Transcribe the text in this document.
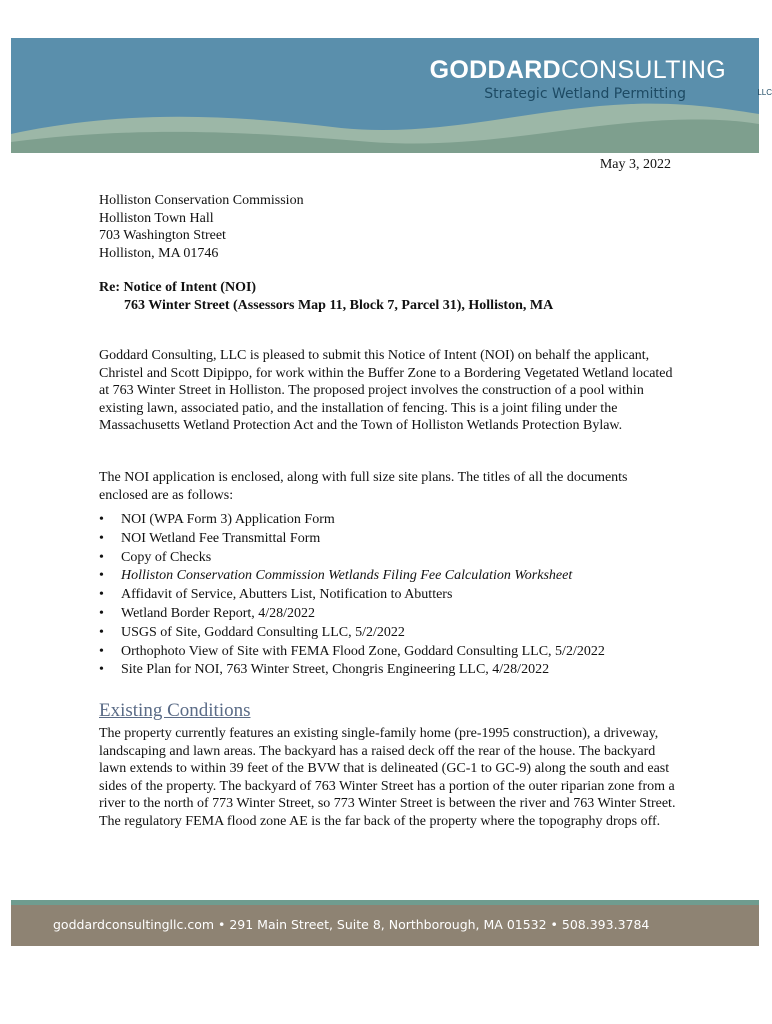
GODDARDCONSULTING
LLC
Strategic Wetland Permitting
May 3, 2022
Holliston Conservation Commission
Holliston Town Hall
703 Washington Street
Holliston, MA 01746
Re: Notice of Intent (NOI)
763 Winter Street (Assessors Map 11, Block 7, Parcel 31), Holliston, MA
Goddard Consulting, LLC is pleased to submit this Notice of Intent (NOI) on behalf the applicant, Christel and Scott Dipippo, for work within the Buffer Zone to a Bordering Vegetated Wetland located at 763 Winter Street in Holliston. The proposed project involves the construction of a pool within existing lawn, associated patio, and the installation of fencing. This is a joint filing under the Massachusetts Wetland Protection Act and the Town of Holliston Wetlands Protection Bylaw.
The NOI application is enclosed, along with full size site plans. The titles of all the documents enclosed are as follows:
• NOI (WPA Form 3) Application Form
• NOI Wetland Fee Transmittal Form
• Copy of Checks
• Holliston Conservation Commission Wetlands Filing Fee Calculation Worksheet
• Affidavit of Service, Abutters List, Notification to Abutters
• Wetland Border Report, 4/28/2022
• USGS of Site, Goddard Consulting LLC, 5/2/2022
• Orthophoto View of Site with FEMA Flood Zone, Goddard Consulting LLC, 5/2/2022
• Site Plan for NOI, 763 Winter Street, Chongris Engineering LLC, 4/28/2022
Existing Conditions
The property currently features an existing single-family home (pre-1995 construction), a driveway, landscaping and lawn areas. The backyard has a raised deck off the rear of the house. The backyard lawn extends to within 39 feet of the BVW that is delineated (GC-1 to GC-9) along the south and east sides of the property. The backyard of 763 Winter Street has a portion of the outer riparian zone from a river to the north of 773 Winter Street, so 773 Winter Street is between the river and 763 Winter Street. The regulatory FEMA flood zone AE is the far back of the property where the topography drops off.
goddardconsultingllc.com • 291 Main Street, Suite 8, Northborough, MA 01532 • 508.393.3784
